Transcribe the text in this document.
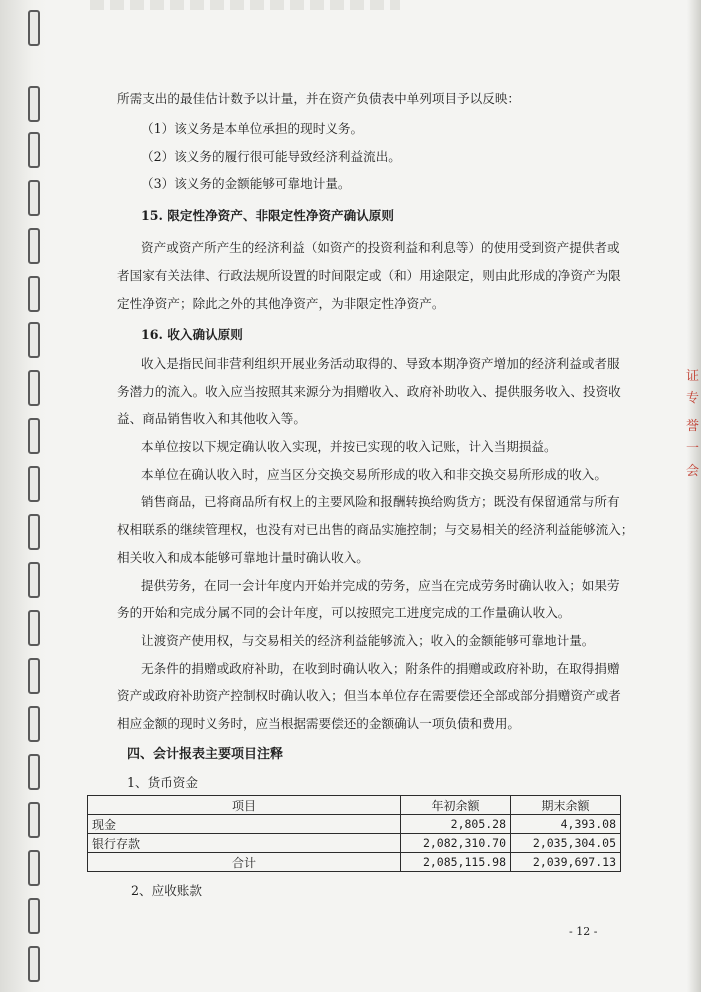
证
专
誉
一
会
所需支出的最佳估计数予以计量，并在资产负债表中单列项目予以反映：
（1）该义务是本单位承担的现时义务。
（2）该义务的履行很可能导致经济利益流出。
（3）该义务的金额能够可靠地计量。
15. 限定性净资产、非限定性净资产确认原则
资产或资产所产生的经济利益（如资产的投资利益和利息等）的使用受到资产提供者或
者国家有关法律、行政法规所设置的时间限定或（和）用途限定，则由此形成的净资产为限
定性净资产；除此之外的其他净资产，为非限定性净资产。
16. 收入确认原则
收入是指民间非营利组织开展业务活动取得的、导致本期净资产增加的经济利益或者服
务潜力的流入。收入应当按照其来源分为捐赠收入、政府补助收入、提供服务收入、投资收
益、商品销售收入和其他收入等。
本单位按以下规定确认收入实现，并按已实现的收入记账，计入当期损益。
本单位在确认收入时，应当区分交换交易所形成的收入和非交换交易所形成的收入。
销售商品，已将商品所有权上的主要风险和报酬转换给购货方；既没有保留通常与所有
权相联系的继续管理权，也没有对已出售的商品实施控制；与交易相关的经济利益能够流入；
相关收入和成本能够可靠地计量时确认收入。
提供劳务，在同一会计年度内开始并完成的劳务，应当在完成劳务时确认收入；如果劳
务的开始和完成分属不同的会计年度，可以按照完工进度完成的工作量确认收入。
让渡资产使用权，与交易相关的经济利益能够流入；收入的金额能够可靠地计量。
无条件的捐赠或政府补助，在收到时确认收入；附条件的捐赠或政府补助，在取得捐赠
资产或政府补助资产控制权时确认收入；但当本单位存在需要偿还全部或部分捐赠资产或者
相应金额的现时义务时，应当根据需要偿还的金额确认一项负债和费用。
四、会计报表主要项目注释
1、货币资金
2、应收账款
项目	年初余额	期末余额
现金	2,805.28	4,393.08
银行存款	2,082,310.70	2,035,304.05
合计	2,085,115.98	2,039,697.13
- 12 -
